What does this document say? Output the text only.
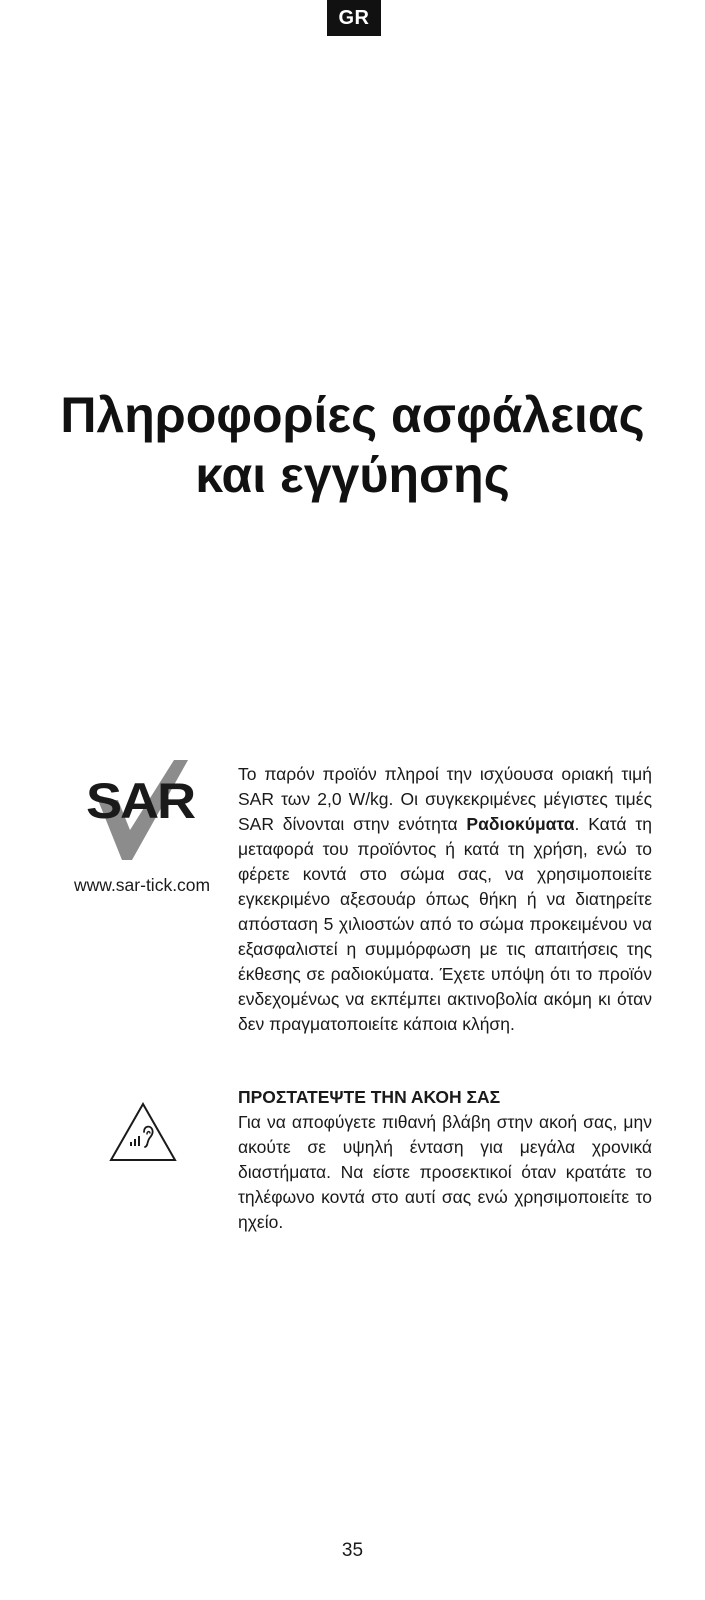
GR
Πληροφορίες ασφάλειας
και εγγύησης
SAR
www.sar-tick.com

Το παρόν προϊόν πληροί την ισχύουσα οριακή τιμή SAR των 2,0 W/kg. Οι συγκεκριμένες μέγιστες τιμές SAR δίνονται στην ενότητα Ραδιοκύματα. Κατά τη μεταφορά του προϊόντος ή κατά τη χρήση, ενώ το φέρετε κοντά στο σώμα σας, να χρησιμοποιείτε εγκεκριμένο αξεσουάρ όπως θήκη ή να διατηρείτε απόσταση 5 χιλιοστών από το σώμα προκειμένου να εξασφαλιστεί η συμμόρφωση με τις απαιτήσεις της έκθεσης σε ραδιοκύματα. Έχετε υπόψη ότι το προϊόν ενδεχομένως να εκπέμπει ακτινοβολία ακόμη κι όταν δεν πραγματοποιείτε κάποια κλήση.

ΠΡΟΣΤΑΤΕΨΤΕ ΤΗΝ ΑΚΟΗ ΣΑΣ

Για να αποφύγετε πιθανή βλάβη στην ακοή σας, μην ακούτε σε υψηλή ένταση για μεγάλα χρονικά διαστήματα. Να είστε προσεκτικοί όταν κρατάτε το τηλέφωνο κοντά στο αυτί σας ενώ χρησιμοποιείτε το ηχείο.

35
